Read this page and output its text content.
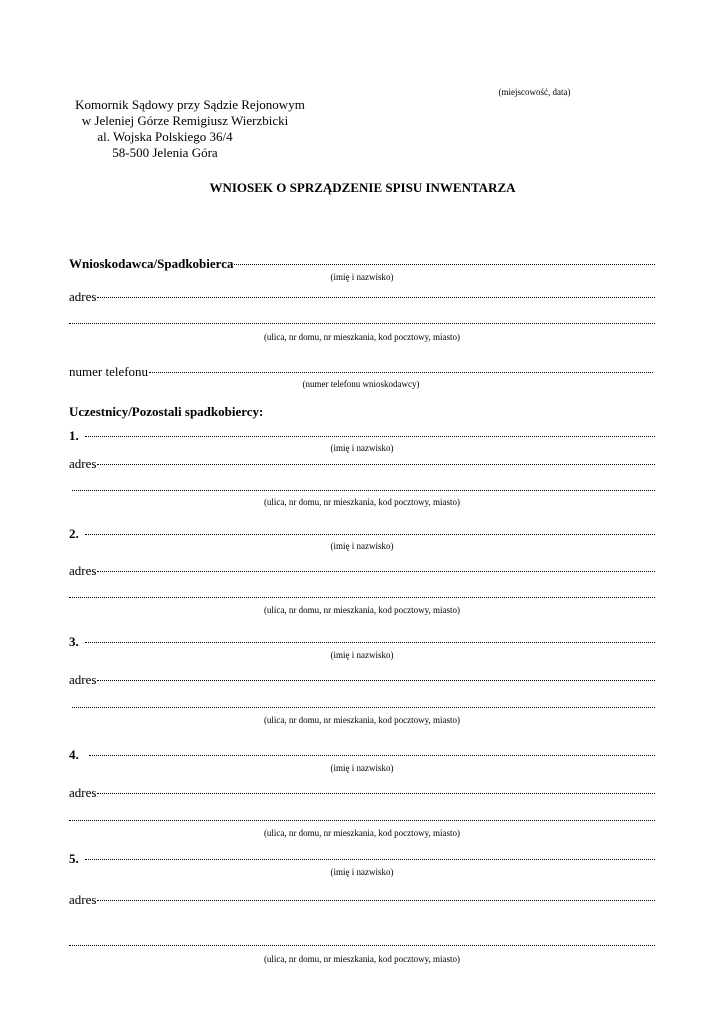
(miejscowość, data)
Komornik Sądowy przy Sądzie Rejonowym
w Jeleniej Górze Remigiusz Wierzbicki
al. Wojska Polskiego 36/4
58-500 Jelenia Góra
WNIOSEK O SPRZĄDZENIE SPISU INWENTARZA
Wnioskodawca/Spadkobierca
(imię i nazwisko)
adres
(ulica, nr domu, nr mieszkania, kod pocztowy, miasto)
numer telefonu
(numer telefonu wnioskodawcy)
Uczestnicy/Pozostali spadkobiercy:
1.
(imię i nazwisko)
adres
(ulica, nr domu, nr mieszkania, kod pocztowy, miasto)
2.
(imię i nazwisko)
adres
(ulica, nr domu, nr mieszkania, kod pocztowy, miasto)
3.
(imię i nazwisko)
adres
(ulica, nr domu, nr mieszkania, kod pocztowy, miasto)
4.
(imię i nazwisko)
adres
(ulica, nr domu, nr mieszkania, kod pocztowy, miasto)
5.
(imię i nazwisko)
adres
(ulica, nr domu, nr mieszkania, kod pocztowy, miasto)
